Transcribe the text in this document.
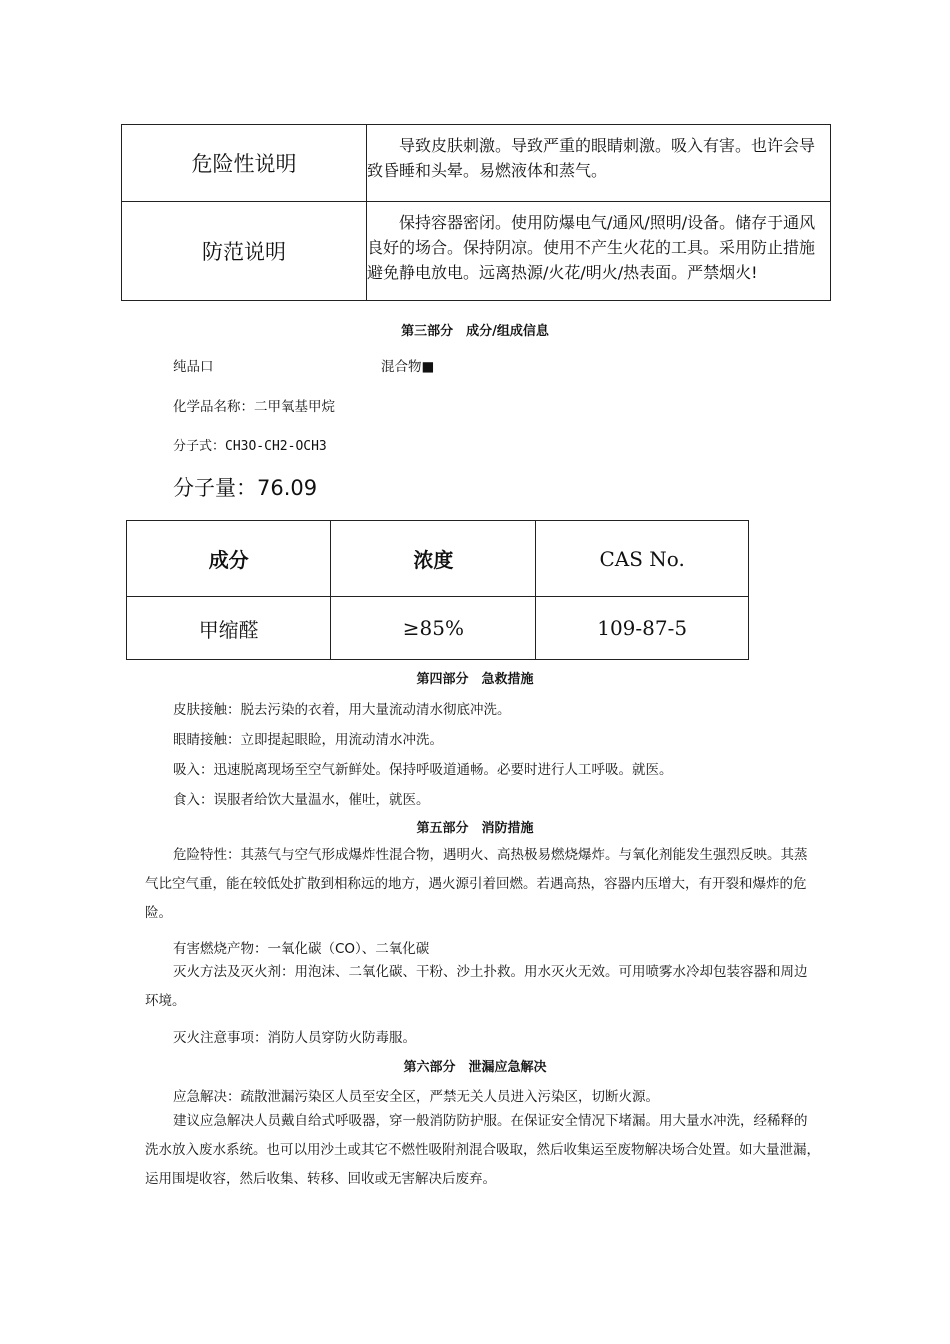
危险性说明	导致皮肤刺激。导致严重的眼睛刺激。吸入有害。也许会导致昏睡和头晕。易燃液体和蒸气。
防范说明	保持容器密闭。使用防爆电气/通风/照明/设备。储存于通风良好的场合。保持阴凉。使用不产生火花的工具。采用防止措施避免静电放电。远离热源/火花/明火/热表面。严禁烟火!
第三部分　成分/组成信息
纯品口	混合物■
化学品名称：二甲氧基甲烷
分子式：CH3O-CH2-OCH3
分子量：76.09
成分	浓度	CAS No.
甲缩醛	≥85%	109-87-5
第四部分　急救措施
皮肤接触：脱去污染的衣着，用大量流动清水彻底冲洗。
眼睛接触：立即提起眼睑，用流动清水冲洗。
吸入：迅速脱离现场至空气新鲜处。保持呼吸道通畅。必要时进行人工呼吸。就医。
食入：误服者给饮大量温水，催吐，就医。
第五部分　消防措施
危险特性：其蒸气与空气形成爆炸性混合物，遇明火、高热极易燃烧爆炸。与氧化剂能发生强烈反映。其蒸气比空气重，能在较低处扩散到相称远的地方，遇火源引着回燃。若遇高热，容器内压增大，有开裂和爆炸的危险。
有害燃烧产物：一氧化碳（CO）、二氧化碳
灭火方法及灭火剂：用泡沫、二氧化碳、干粉、沙土扑救。用水灭火无效。可用喷雾水冷却包装容器和周边环境。
灭火注意事项：消防人员穿防火防毒服。
第六部分　泄漏应急解决
应急解决：疏散泄漏污染区人员至安全区，严禁无关人员进入污染区，切断火源。
建议应急解决人员戴自给式呼吸器，穿一般消防防护服。在保证安全情况下堵漏。用大量水冲洗，经稀释的洗水放入废水系统。也可以用沙土或其它不燃性吸附剂混合吸取，然后收集运至废物解决场合处置。如大量泄漏，运用围堤收容，然后收集、转移、回收或无害解决后废弃。
